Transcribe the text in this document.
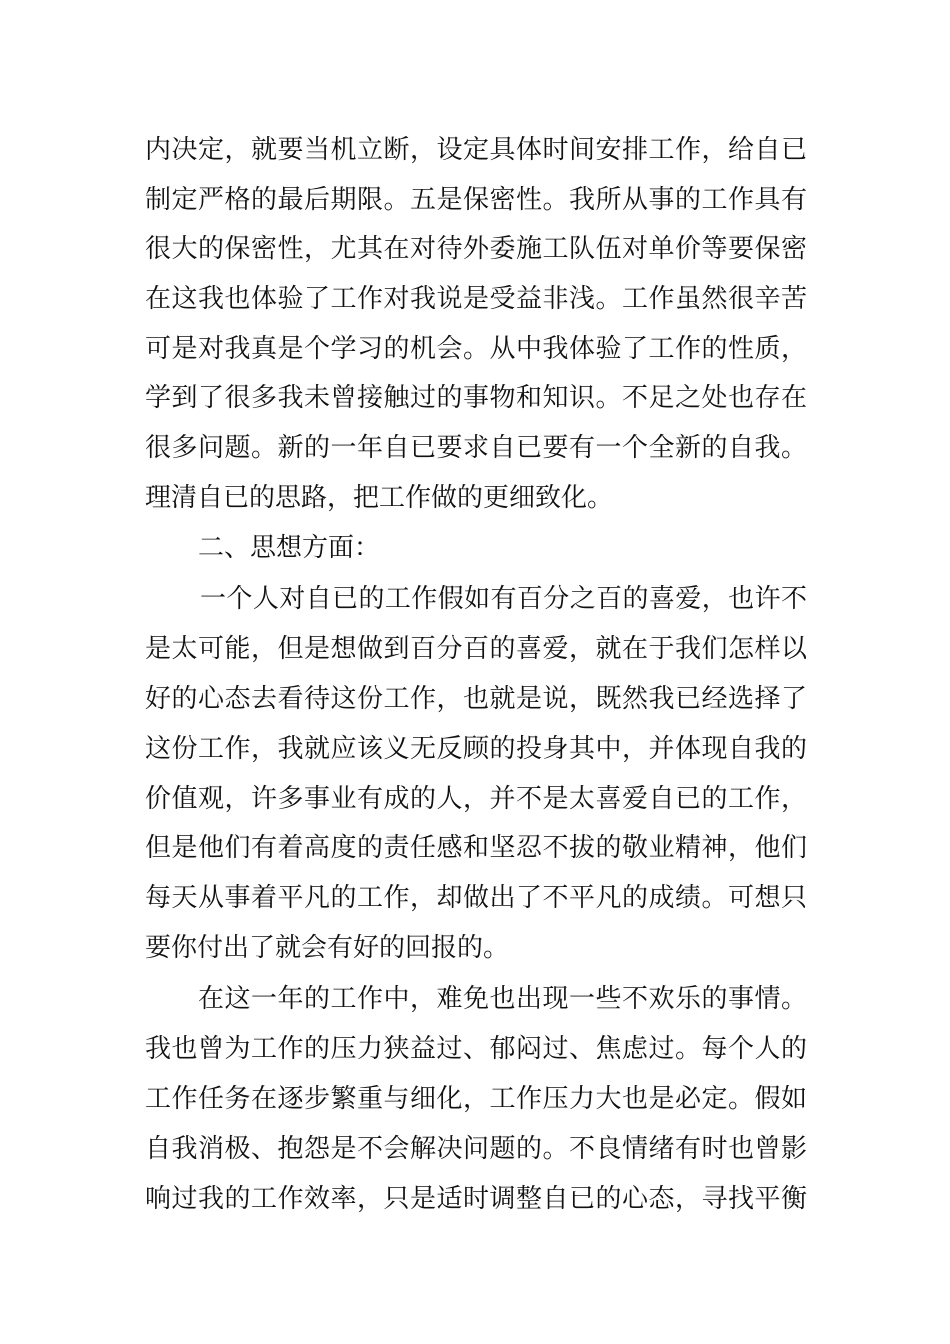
内决定，就要当机立断，设定具体时间安排工作，给自已
制定严格的最后期限。五是保密性。我所从事的工作具有
很大的保密性，尤其在对待外委施工队伍对单价等要保密
在这我也体验了工作对我说是受益非浅。工作虽然很辛苦
可是对我真是个学习的机会。从中我体验了工作的性质，
学到了很多我未曾接触过的事物和知识。不足之处也存在
很多问题。新的一年自已要求自已要有一个全新的自我。
理清自已的思路，把工作做的更细致化。
二、思想方面：
一个人对自已的工作假如有百分之百的喜爱，也许不
是太可能，但是想做到百分百的喜爱，就在于我们怎样以
好的心态去看待这份工作，也就是说，既然我已经选择了
这份工作，我就应该义无反顾的投身其中，并体现自我的
价值观，许多事业有成的人，并不是太喜爱自已的工作，
但是他们有着高度的责任感和坚忍不拔的敬业精神，他们
每天从事着平凡的工作，却做出了不平凡的成绩。可想只
要你付出了就会有好的回报的。
在这一年的工作中，难免也出现一些不欢乐的事情。
我也曾为工作的压力狭益过、郁闷过、焦虑过。每个人的
工作任务在逐步繁重与细化，工作压力大也是必定。假如
自我消极、抱怨是不会解决问题的。不良情绪有时也曾影
响过我的工作效率，只是适时调整自已的心态，寻找平衡
